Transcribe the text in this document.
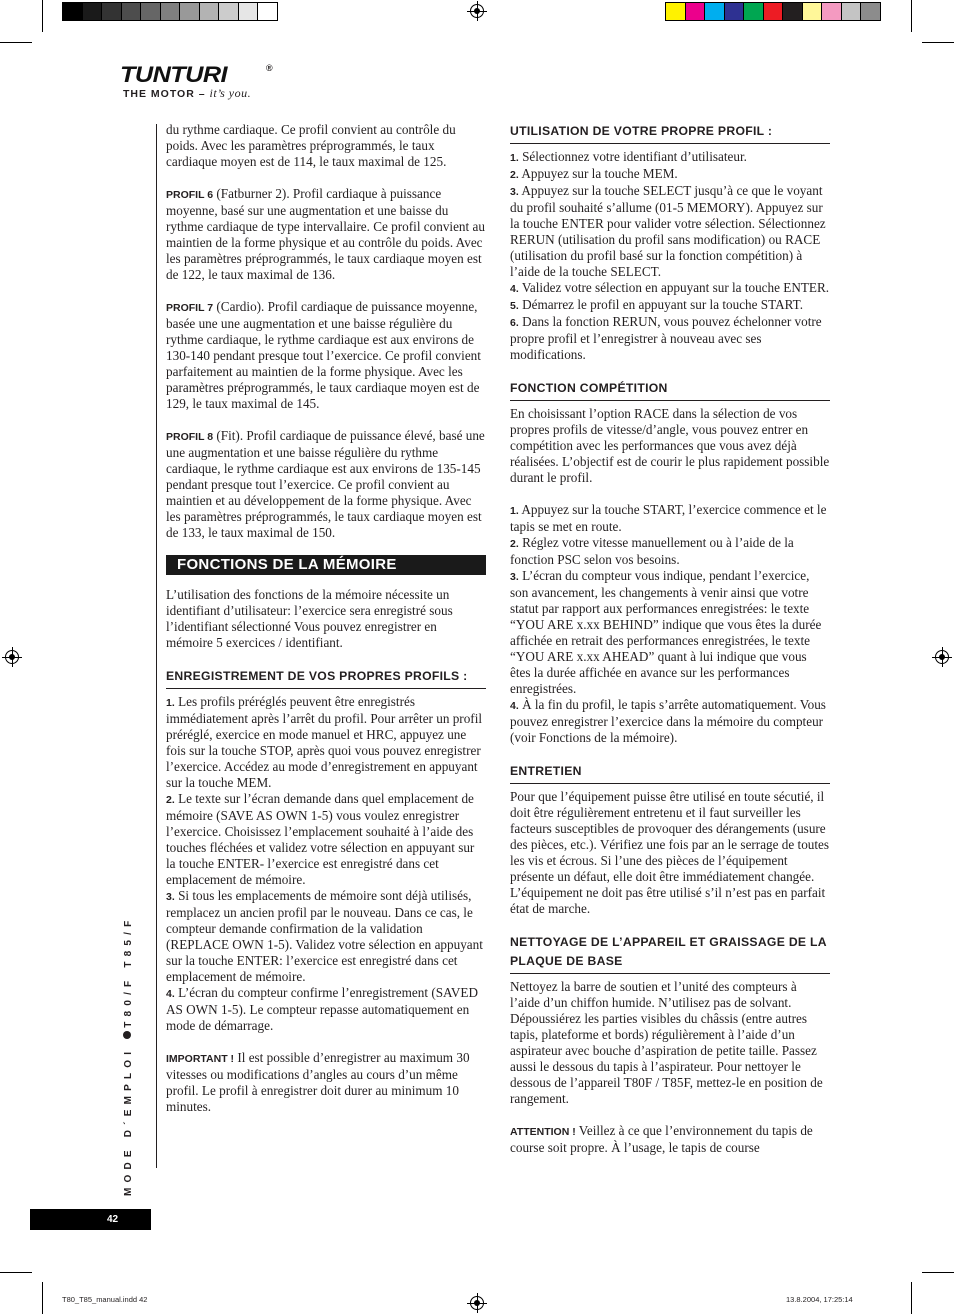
TUNTURI	®
THE MOTOR – it’s you.

du rythme cardiaque. Ce profil convient au contrôle du poids. Avec les paramètres préprogrammés, le taux cardiaque moyen est de 114, le taux maximal de 125.

PROFIL 6 (Fatburner 2). Profil cardiaque à puissance moyenne, basé sur une augmentation et une baisse du rythme cardiaque de type intervallaire. Ce profil convient au maintien de la forme physique et au contrôle du poids. Avec les paramètres préprogrammés, le taux cardiaque moyen est de 122, le taux maximal de 136.

PROFIL 7 (Cardio). Profil cardiaque de puissance moyenne, basée une une augmentation et une baisse régulière du rythme cardiaque, le rythme cardiaque est aux environs de 130-140 pendant presque tout l’exercice. Ce profil convient parfaitement au maintien de la forme physique. Avec les paramètres préprogrammés, le taux cardiaque moyen est de 129, le taux maximal de 145.

PROFIL 8 (Fit). Profil cardiaque de puissance élevé, basé une une augmentation et une baisse régulière du rythme cardiaque, le rythme cardiaque est aux environs de 135-145 pendant presque tout l’exercice. Ce profil convient au maintien et au développement de la forme physique. Avec les paramètres préprogrammés, le taux cardiaque moyen est de 133, le taux maximal de 150.

FONCTIONS DE LA MÉMOIRE

L’utilisation des fonctions de la mémoire nécessite un identifiant d’utilisateur: l’exercice sera enregistré sous l’identifiant sélectionné Vous pouvez enregistrer en mémoire 5 exercices / identifiant.

ENREGISTREMENT DE VOS PROPRES PROFILS :

1. Les profils préréglés peuvent être enregistrés immédiatement après l’arrêt du profil. Pour arrêter un profil préréglé, exercice en mode manuel et HRC, appuyez une fois sur la touche STOP, après quoi vous pouvez enregistrer l’exercice. Accédez au mode d’enregistrement en appuyant sur la touche MEM.

2. Le texte sur l’écran demande dans quel emplacement de mémoire (SAVE AS OWN 1-5) vous voulez enregistrer l’exercice. Choisissez l’emplacement souhaité à l’aide des touches fléchées et validez votre sélection en appuyant sur la touche ENTER- l’exercice est enregistré dans cet emplacement de mémoire.

3. Si tous les emplacements de mémoire sont déjà utilisés, remplacez un ancien profil par le nouveau. Dans ce cas, le compteur demande confirmation de la validation (REPLACE OWN 1-5). Validez votre sélection en appuyant sur la touche ENTER: l’exercice est enregistré dans cet emplacement de mémoire.

4. L’écran du compteur confirme l’enregistrement (SAVED AS OWN 1-5). Le compteur repasse automatiquement en mode de démarrage.

IMPORTANT ! Il est possible d’enregistrer au maximum 30 vitesses ou modifications d’angles au cours d’un même profil. Le profil à enregistrer doit durer au minimum 10 minutes.

UTILISATION DE VOTRE PROPRE PROFIL :

1. Sélectionnez votre identifiant d’utilisateur.

2. Appuyez sur la touche MEM.

3. Appuyez sur la touche SELECT jusqu’à ce que le voyant du profil souhaité s’allume (01-5 MEMORY). Appuyez sur la touche ENTER pour valider votre sélection. Sélectionnez RERUN (utilisation du profil sans modification) ou RACE (utilisation du profil basé sur la fonction compétition) à l’aide de la touche SELECT.

4. Validez votre sélection en appuyant sur la touche ENTER.

5. Démarrez le profil en appuyant sur la touche START.

6. Dans la fonction RERUN, vous pouvez échelonner votre propre profil et l’enregistrer à nouveau avec ses modifications.

FONCTION COMPÉTITION

En choisissant l’option RACE dans la sélection de vos propres profils de vitesse/d’angle, vous pouvez entrer en compétition avec les performances que vous avez déjà réalisées. L’objectif est de courir le plus rapidement possible durant le profil.

1. Appuyez sur la touche START, l’exercice commence et le tapis se met en route.

2. Réglez votre vitesse manuellement ou à l’aide de la fonction PSC selon vos besoins.

3. L’écran du compteur vous indique, pendant l’exercice, son avancement, les changements à venir ainsi que votre statut par rapport aux performances enregistrées: le texte “YOU ARE x.xx BEHIND” indique que vous êtes la durée affichée en retrait des performances enregistrées, le texte “YOU ARE x.xx AHEAD” quant à lui indique que vous êtes la durée affichée en avance sur les performances enregistrées.

4. À la fin du profil, le tapis s’arrête automatiquement. Vous pouvez enregistrer l’exercice dans la mémoire du compteur (voir Fonctions de la mémoire).

ENTRETIEN

Pour que l’équipement puisse être utilisé en toute sécutié, il doit être régulièrement entretenu et il faut surveiller les facteurs susceptibles de provoquer des dérangements (usure des pièces, etc.). Vérifiez une fois par an le serrage de toutes les vis et écrous. Si l’une des pièces de l’équipement présente un défaut, elle doit être immédiatement changée. L’équipement ne doit pas être utilisé s’il n’est pas en parfait état de marche.

NETTOYAGE DE L’APPAREIL ET GRAISSAGE DE LA PLAQUE DE BASE

Nettoyez la barre de soutien et l’unité des compteurs à l’aide d’un chiffon humide. N’utilisez pas de solvant. Dépoussiérez les parties visibles du châssis (entre autres tapis, plateforme et bords) régulièrement à l’aide d’un aspirateur avec bouche d’aspiration de petite taille. Passez aussi le dessous du tapis à l’aspirateur. Pour nettoyer le dessous de l’appareil T80F / T85F, mettez-le en position de rangement.

ATTENTION ! Veillez à ce que l’environnement du tapis de course soit propre. À l’usage, le tapis de course

MODE D´EMPLOI T80/F T85/F
42
T80_T85_manual.indd 42	13.8.2004, 17:25:14
